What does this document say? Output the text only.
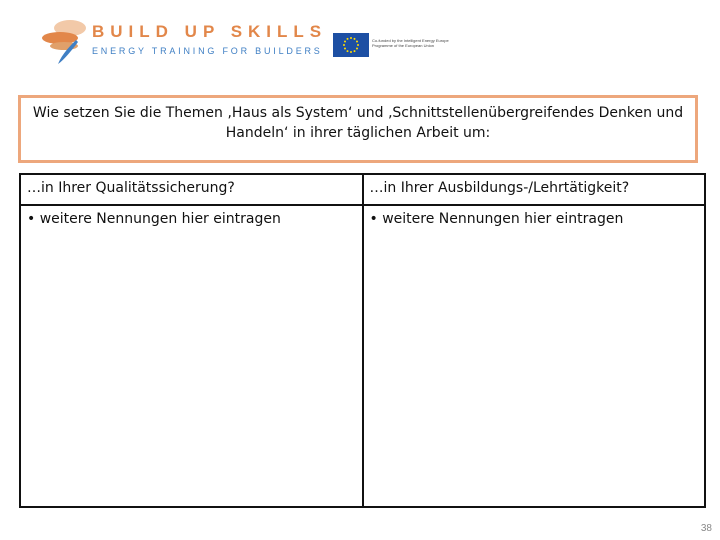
BUILD UP SKILLS
ENERGY TRAINING FOR BUILDERS
Co-funded by the Intelligent Energy Europe Programme of the European Union
Wie setzen Sie die Themen ‚Haus als System‘ und ‚Schnittstellenübergreifendes Denken und Handeln‘ in ihrer täglichen Arbeit um:
…in Ihrer Qualitätssicherung?	…in Ihrer Ausbildungs-/Lehrtätigkeit?
• weitere Nennungen hier eintragen	• weitere Nennungen hier eintragen
38
